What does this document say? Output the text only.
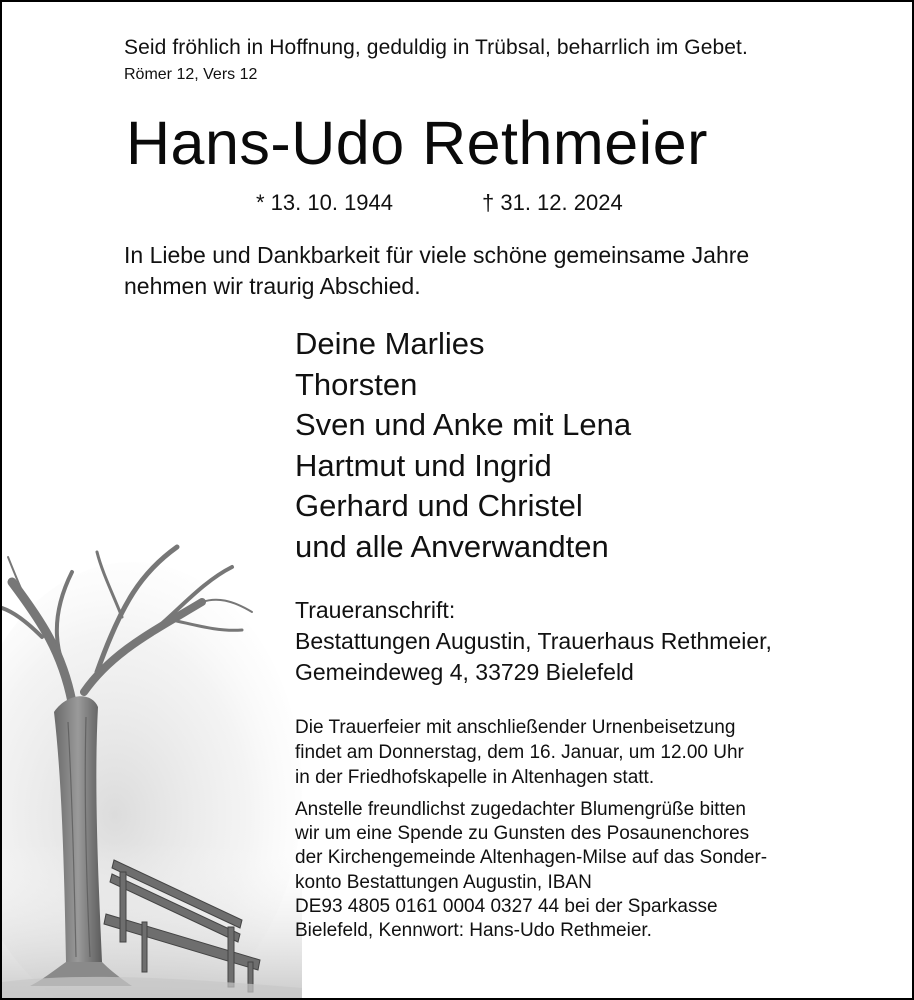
Seid fröhlich in Hoffnung, geduldig in Trübsal, beharrlich im Gebet.
Römer 12, Vers 12
Hans-Udo Rethmeier
* 13. 10. 1944	† 31. 12. 2024
In Liebe und Dankbarkeit für viele schöne gemeinsame Jahre
nehmen wir traurig Abschied.
Deine Marlies
Thorsten
Sven und Anke mit Lena
Hartmut und Ingrid
Gerhard und Christel
und alle Anverwandten
Traueranschrift:
Bestattungen Augustin, Trauerhaus Rethmeier,
Gemeindeweg 4, 33729 Bielefeld
Die Trauerfeier mit anschließender Urnenbeisetzung
findet am Donnerstag, dem 16. Januar, um 12.00 Uhr
in der Friedhofskapelle in Altenhagen statt.
Anstelle freundlichst zugedachter Blumengrüße bitten
wir um eine Spende zu Gunsten des Posaunenchores
der Kirchengemeinde Altenhagen-Milse auf das Sonder-
konto Bestattungen Augustin, IBAN
DE93 4805 0161 0004 0327 44 bei der Sparkasse
Bielefeld, Kennwort: Hans-Udo Rethmeier.
